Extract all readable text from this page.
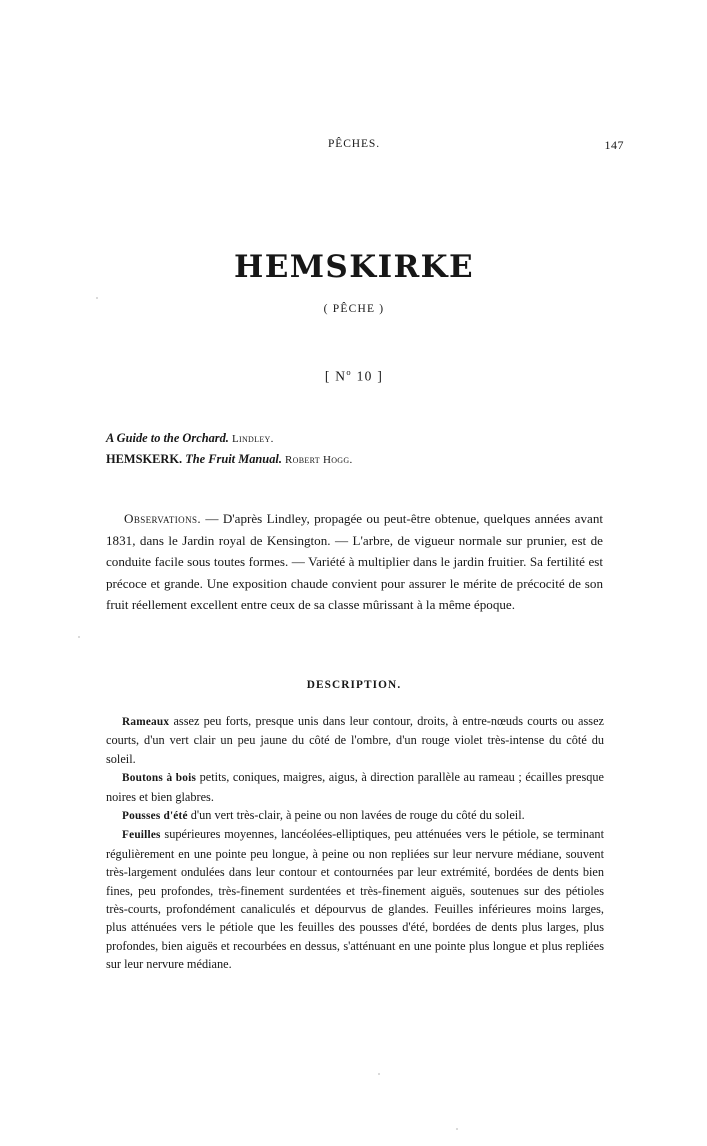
PÊCHES.	147
HEMSKIRKE
( PÊCHE )
[ $N^o$ 10 ]
A Guide to the Orchard. Lindley.
HEMSKERK. The Fruit Manual. Robert Hogg.
Observations. — D'après Lindley, propagée ou peut-être obtenue, quelques années avant 1831, dans le Jardin royal de Kensington. — L'arbre, de vigueur normale sur prunier, est de conduite facile sous toutes formes. — Variété à multiplier dans le jardin fruitier. Sa fertilité est précoce et grande. Une exposition chaude convient pour assurer le mérite de précocité de son fruit réellement excellent entre ceux de sa classe mûrissant à la même époque.
DESCRIPTION.

Rameaux assez peu forts, presque unis dans leur contour, droits, à entre-nœuds courts ou assez courts, d'un vert clair un peu jaune du côté de l'ombre, d'un rouge violet très-intense du côté du soleil.

Boutons à bois petits, coniques, maigres, aigus, à direction parallèle au rameau ; écailles presque noires et bien glabres.

Pousses d'été d'un vert très-clair, à peine ou non lavées de rouge du côté du soleil.

Feuilles supérieures moyennes, lancéolées-elliptiques, peu atténuées vers le pétiole, se terminant régulièrement en une pointe peu longue, à peine ou non repliées sur leur nervure médiane, souvent très-largement ondulées dans leur contour et contournées par leur extrémité, bordées de dents bien fines, peu profondes, très-finement surdentées et très-finement aiguës, soutenues sur des pétioles très-courts, profondément canaliculés et dépourvus de glandes. Feuilles inférieures moins larges, plus atténuées vers le pétiole que les feuilles des pousses d'été, bordées de dents plus larges, plus profondes, bien aiguës et recourbées en dessus, s'atténuant en une pointe plus longue et plus repliées sur leur nervure médiane.
